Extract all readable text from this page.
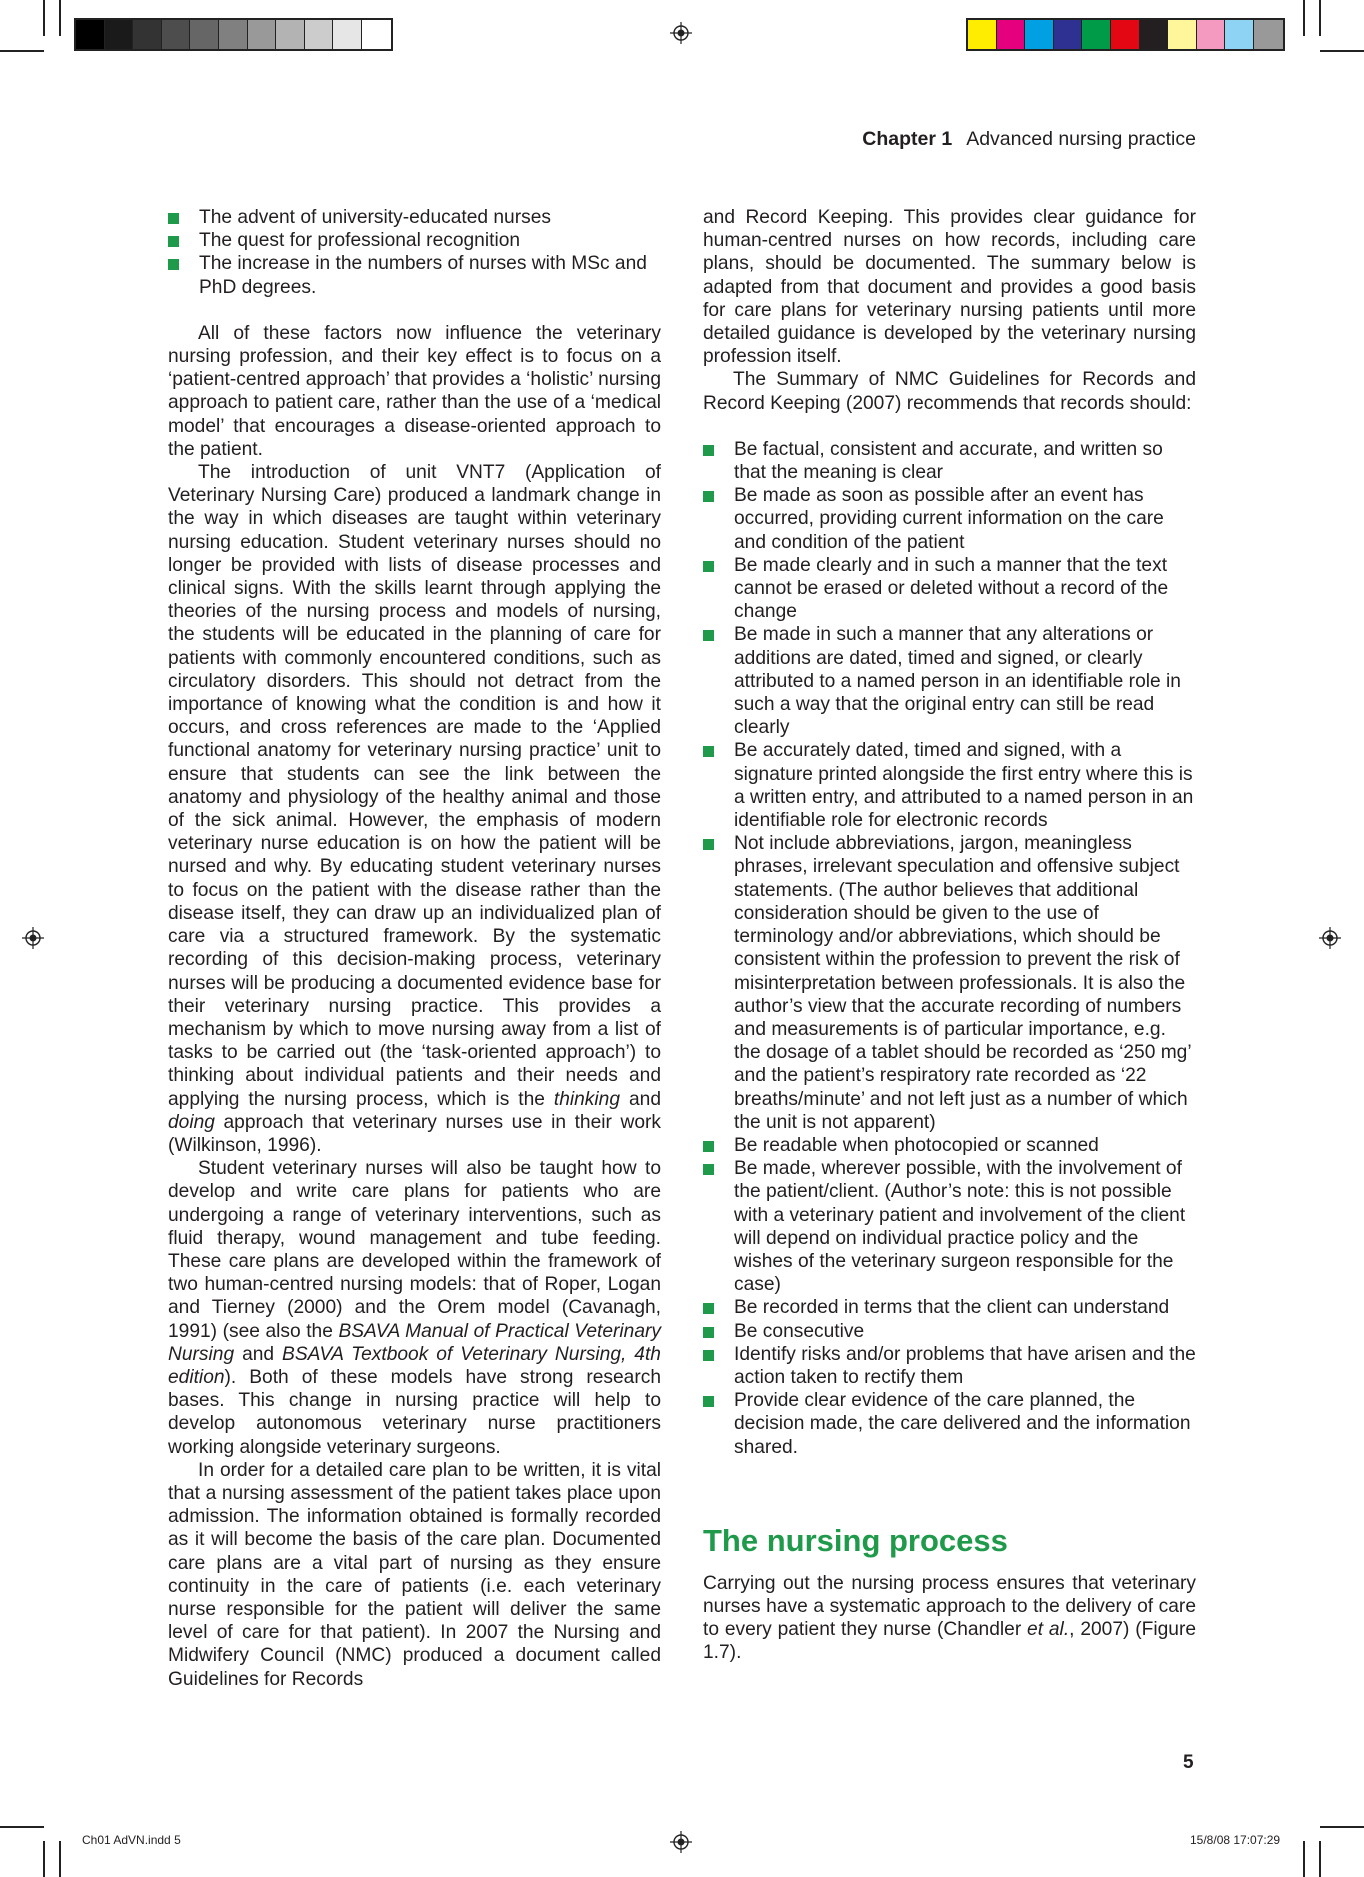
Chapter 1 Advanced nursing practice
The advent of university-educated nurses
The quest for professional recognition
The increase in the numbers of nurses with MSc and PhD degrees.

All of these factors now influence the veterinary nursing profession, and their key effect is to focus on a ‘patient-centred approach’ that provides a ‘holistic’ nursing approach to patient care, rather than the use of a ‘medical model’ that encourages a disease-oriented approach to the patient.

The introduction of unit VNT7 (Application of Veterinary Nursing Care) produced a landmark change in the way in which diseases are taught within veterinary nursing education. Student veterinary nurses should no longer be provided with lists of disease processes and clinical signs. With the skills learnt through applying the theories of the nursing process and models of nursing, the students will be educated in the planning of care for patients with commonly encountered conditions, such as circulatory disorders. This should not detract from the importance of knowing what the condition is and how it occurs, and cross references are made to the ‘Applied functional anatomy for veterinary nursing practice’ unit to ensure that students can see the link between the anatomy and physiology of the healthy animal and those of the sick animal. However, the emphasis of modern veterinary nurse education is on how the patient will be nursed and why. By educating student veterinary nurses to focus on the patient with the disease rather than the disease itself, they can draw up an individualized plan of care via a structured framework. By the systematic recording of this decision-making process, veterinary nurses will be producing a documented evidence base for their veterinary nursing practice. This provides a mechanism by which to move nursing away from a list of tasks to be carried out (the ‘task-oriented approach’) to thinking about individual patients and their needs and applying the nursing process, which is the thinking and doing approach that veterinary nurses use in their work (Wilkinson, 1996).

Student veterinary nurses will also be taught how to develop and write care plans for patients who are undergoing a range of veterinary interventions, such as fluid therapy, wound management and tube feeding. These care plans are developed within the framework of two human-centred nursing models: that of Roper, Logan and Tierney (2000) and the Orem model (Cavanagh, 1991) (see also the BSAVA Manual of Practical Veterinary Nursing and BSAVA Textbook of Veterinary Nursing, 4th edition). Both of these models have strong research bases. This change in nursing practice will help to develop autonomous veterinary nurse practitioners working alongside veterinary surgeons.

In order for a detailed care plan to be written, it is vital that a nursing assessment of the patient takes place upon admission. The information obtained is formally recorded as it will become the basis of the care plan. Documented care plans are a vital part of nursing as they ensure continuity in the care of patients (i.e. each veterinary nurse responsible for the patient will deliver the same level of care for that patient). In 2007 the Nursing and Midwifery Council (NMC) produced a document called Guidelines for Records

and Record Keeping. This provides clear guidance for human-centred nurses on how records, including care plans, should be documented. The summary below is adapted from that document and provides a good basis for care plans for veterinary nursing patients until more detailed guidance is developed by the veterinary nursing profession itself.

The Summary of NMC Guidelines for Records and Record Keeping (2007) recommends that records should:

Be factual, consistent and accurate, and written so that the meaning is clear
Be made as soon as possible after an event has occurred, providing current information on the care and condition of the patient
Be made clearly and in such a manner that the text cannot be erased or deleted without a record of the change
Be made in such a manner that any alterations or additions are dated, timed and signed, or clearly attributed to a named person in an identifiable role in such a way that the original entry can still be read clearly
Be accurately dated, timed and signed, with a signature printed alongside the first entry where this is a written entry, and attributed to a named person in an identifiable role for electronic records
Not include abbreviations, jargon, meaningless phrases, irrelevant speculation and offensive subject statements. (The author believes that additional consideration should be given to the use of terminology and/or abbreviations, which should be consistent within the profession to prevent the risk of misinterpretation between professionals. It is also the author’s view that the accurate recording of numbers and measurements is of particular importance, e.g. the dosage of a tablet should be recorded as ‘250 mg’ and the patient’s respiratory rate recorded as ‘22 breaths/minute’ and not left just as a number of which the unit is not apparent)
Be readable when photocopied or scanned
Be made, wherever possible, with the involvement of the patient/client. (Author’s note: this is not possible with a veterinary patient and involvement of the client will depend on individual practice policy and the wishes of the veterinary surgeon responsible for the case)
Be recorded in terms that the client can understand
Be consecutive
Identify risks and/or problems that have arisen and the action taken to rectify them
Provide clear evidence of the care planned, the decision made, the care delivered and the information shared.
The nursing process

Carrying out the nursing process ensures that veterinary nurses have a systematic approach to the delivery of care to every patient they nurse (Chandler et al., 2007) (Figure 1.7).

5
Ch01 AdVN.indd 5	15/8/08 17:07:29
